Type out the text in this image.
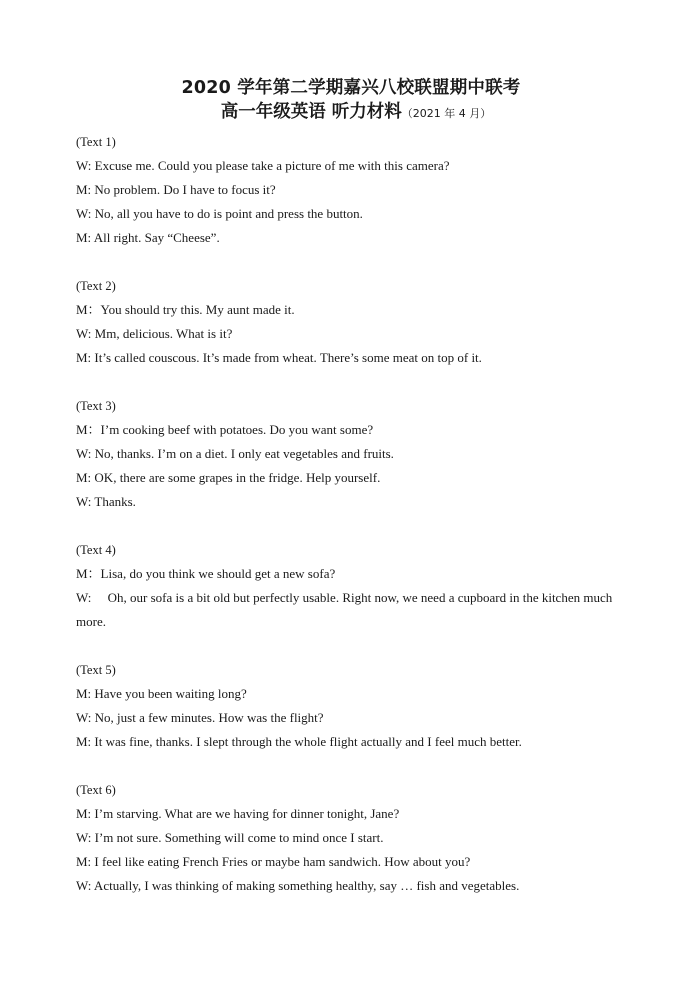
2020 学年第二学期嘉兴八校联盟期中联考
高一年级英语 听力材料（2021 年 4 月）
(Text 1)
W: Excuse me. Could you please take a picture of me with this camera?
M: No problem. Do I have to focus it?
W: No, all you have to do is point and press the button.
M: All right. Say “Cheese”.
(Text 2)
M：You should try this. My aunt made it.
W: Mm, delicious. What is it?
M: It’s called couscous. It’s made from wheat. There’s some meat on top of it.
(Text 3)
M：I’m cooking beef with potatoes. Do you want some?
W: No, thanks. I’m on a diet. I only eat vegetables and fruits.
M: OK, there are some grapes in the fridge. Help yourself.
W: Thanks.
(Text 4)
M：Lisa, do you think we should get a new sofa?
W:　 Oh, our sofa is a bit old but perfectly usable. Right now, we need a cupboard in the kitchen much more.
(Text 5)
M: Have you been waiting long?
W: No, just a few minutes. How was the flight?
M: It was fine, thanks. I slept through the whole flight actually and I feel much better.
(Text 6)
M: I’m starving. What are we having for dinner tonight, Jane?
W: I’m not sure. Something will come to mind once I start.
M: I feel like eating French Fries or maybe ham sandwich. How about you?
W: Actually, I was thinking of making something healthy, say … fish and vegetables.
